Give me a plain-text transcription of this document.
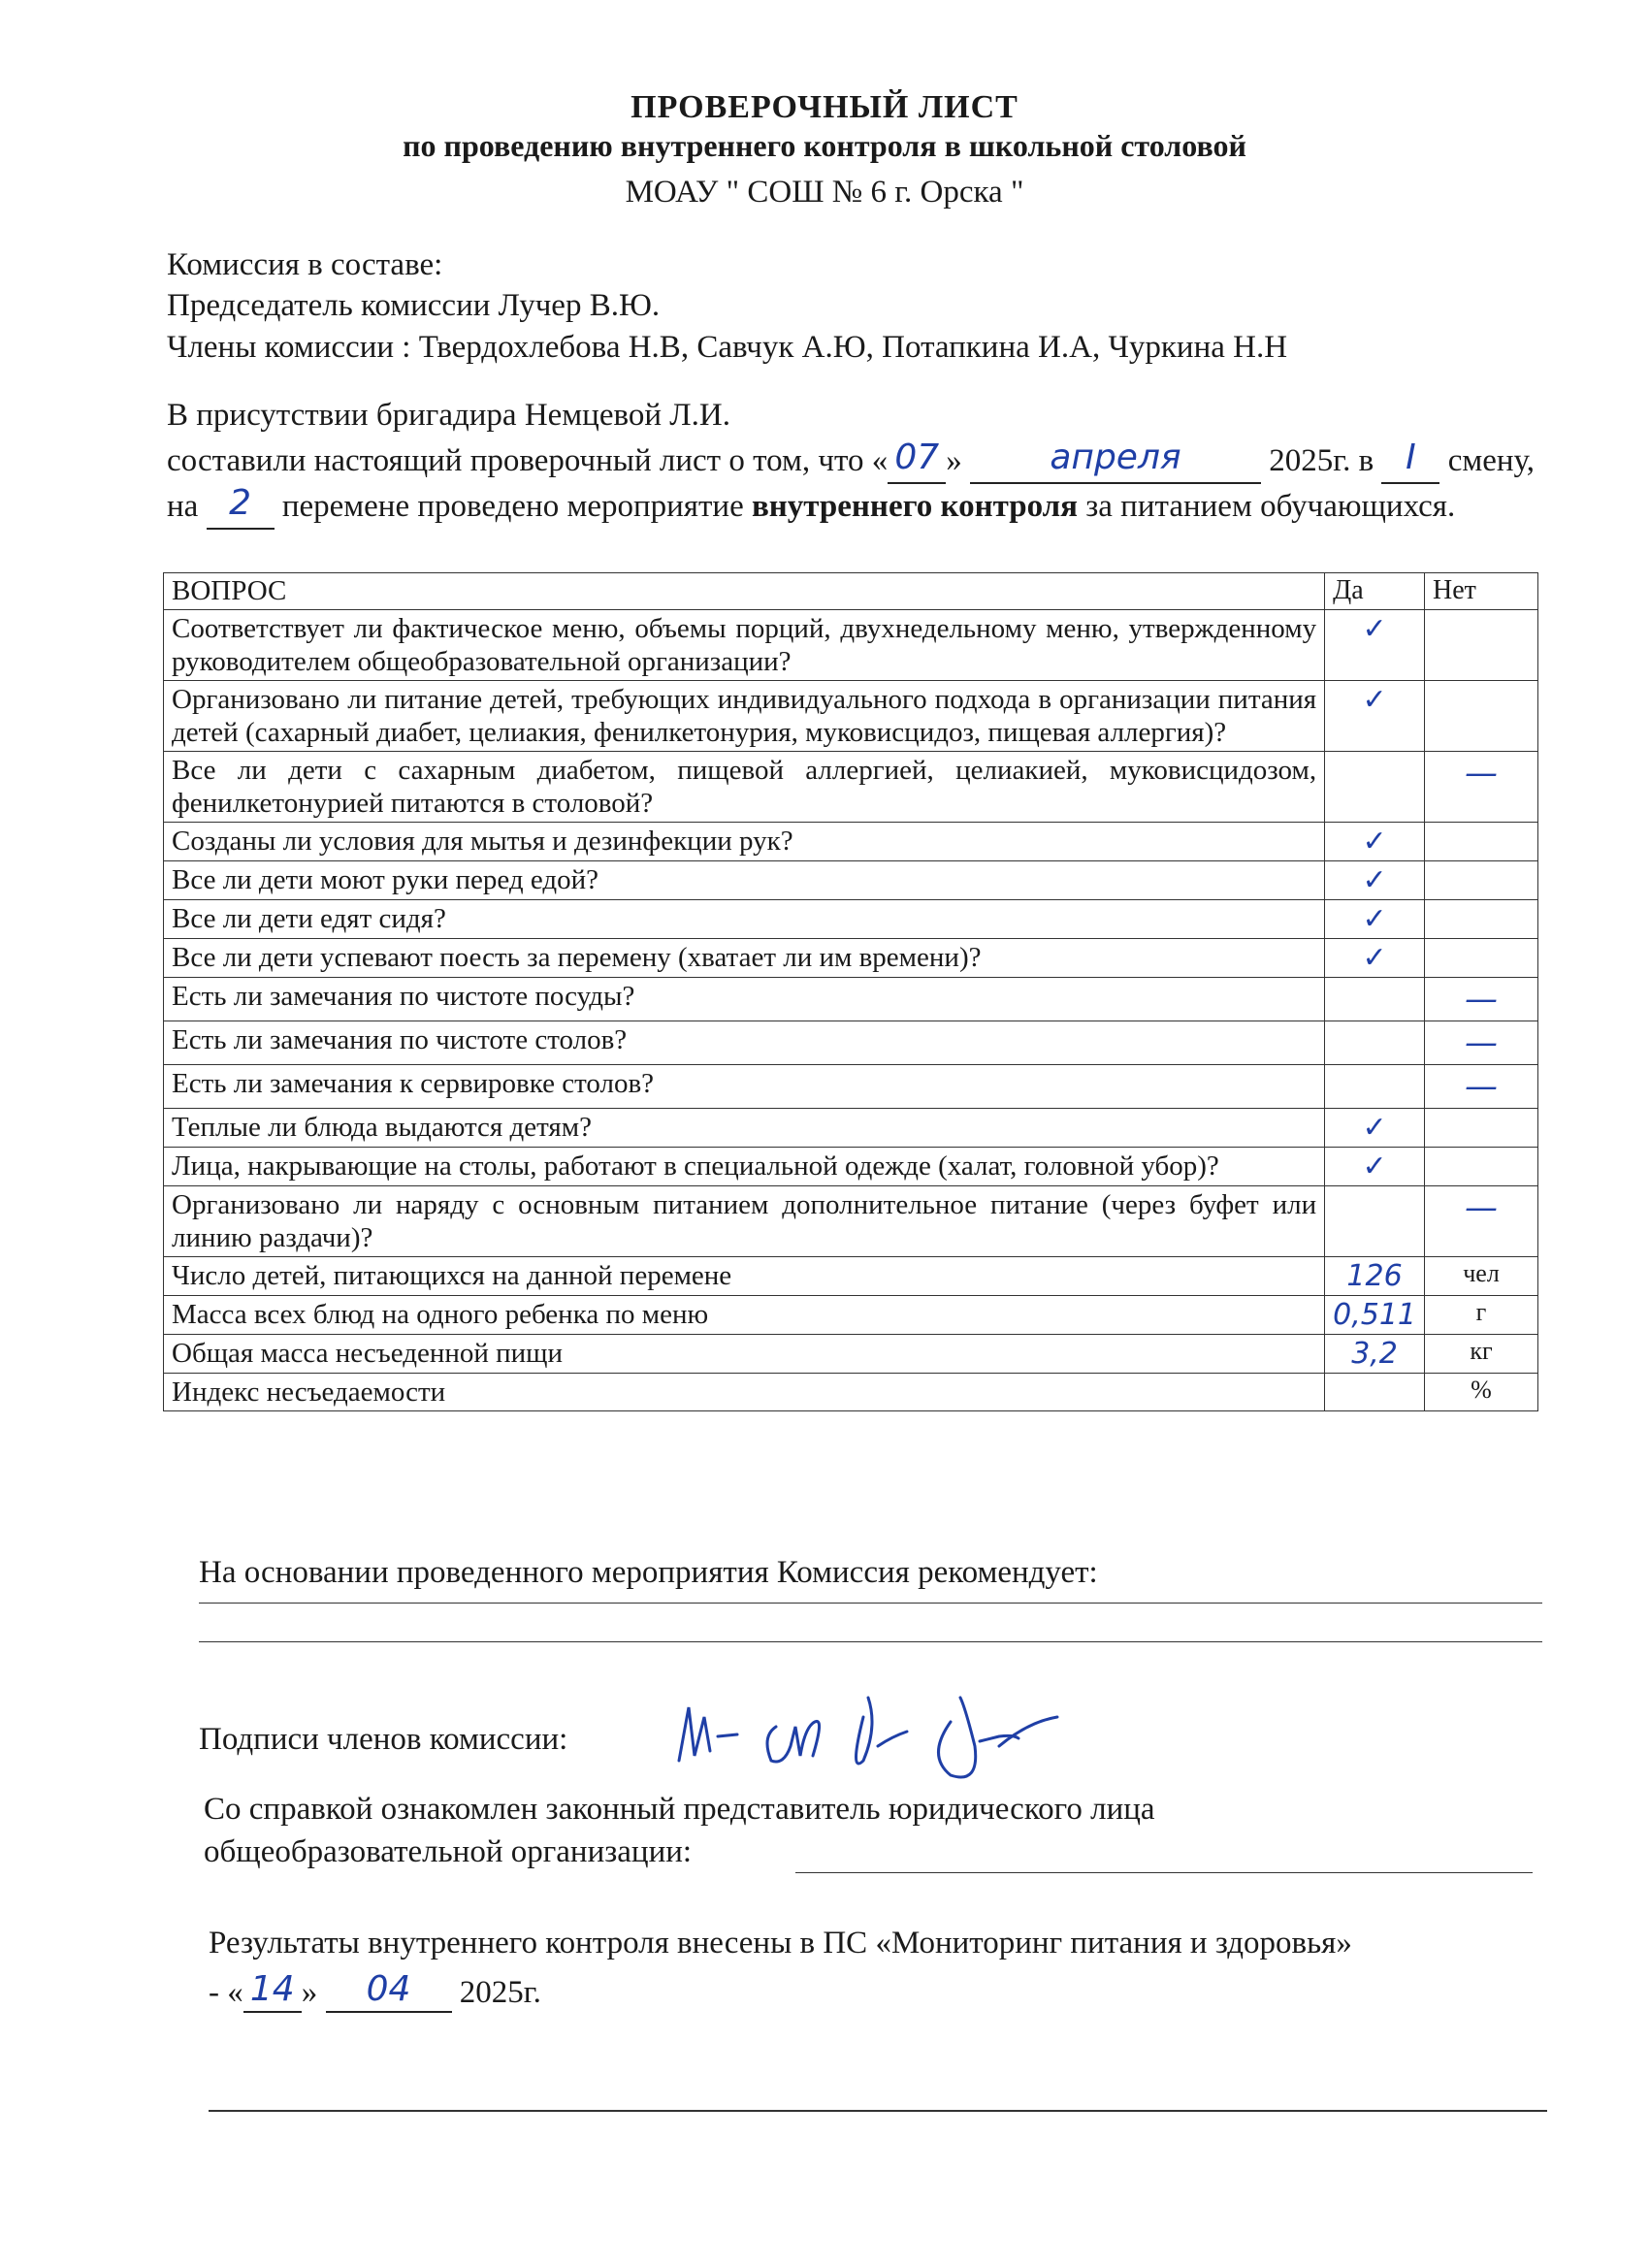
ПРОВЕРОЧНЫЙ ЛИСТ
по проведению внутреннего контроля в школьной столовой
МОАУ " СОШ № 6 г. Орска "
Комиссия в составе:
Председатель комиссии Лучер В.Ю.
Члены комиссии : Твердохлебова Н.В, Савчук А.Ю, Потапкина И.А, Чуркина Н.Н
В присутствии бригадира Немцевой Л.И.
составили настоящий проверочный лист о том, что « 07 »	апреля	2025г. в I смену, на 2 перемене проведено мероприятие внутреннего контроля за питанием обучающихся.
ВОПРОС	Да	Нет
Соответствует ли фактическое меню, объемы порций, двухнедельному меню, утвержденному руководителем общеобразовательной организации?	✓	
Организовано ли питание детей, требующих индивидуального подхода в организации питания детей (сахарный диабет, целиакия, фенилкетонурия, муковисцидоз, пищевая аллергия)?	✓	
Все ли дети с сахарным диабетом, пищевой аллергией, целиакией, муковисцидозом, фенилкетонурией питаются в столовой?		—
Созданы ли условия для мытья и дезинфекции рук?	✓	
Все ли дети моют руки перед едой?	✓	
Все ли дети едят сидя?	✓	
Все ли дети успевают поесть за перемену (хватает ли им времени)?	✓	
Есть ли замечания по чистоте посуды?		—
Есть ли замечания по чистоте столов?		—
Есть ли замечания к сервировке столов?		—
Теплые ли блюда выдаются детям?	✓	
Лица, накрывающие на столы, работают в специальной одежде (халат, головной убор)?	✓	
Организовано ли наряду с основным питанием дополнительное питание (через буфет или линию раздачи)?		—
Число детей, питающихся на данной перемене	126	чел
Масса всех блюд на одного ребенка по меню	0,511	г
Общая масса несъеденной пищи	3,2	кг
Индекс несъедаемости		%
На основании проведенного мероприятия Комиссия рекомендует:
Подписи членов комиссии:
Со справкой ознакомлен законный представитель юридического лица
общеобразовательной организации:
Результаты внутреннего контроля внесены в ПС «Мониторинг питания и здоровья»
- « 14 » 04 2025г.
